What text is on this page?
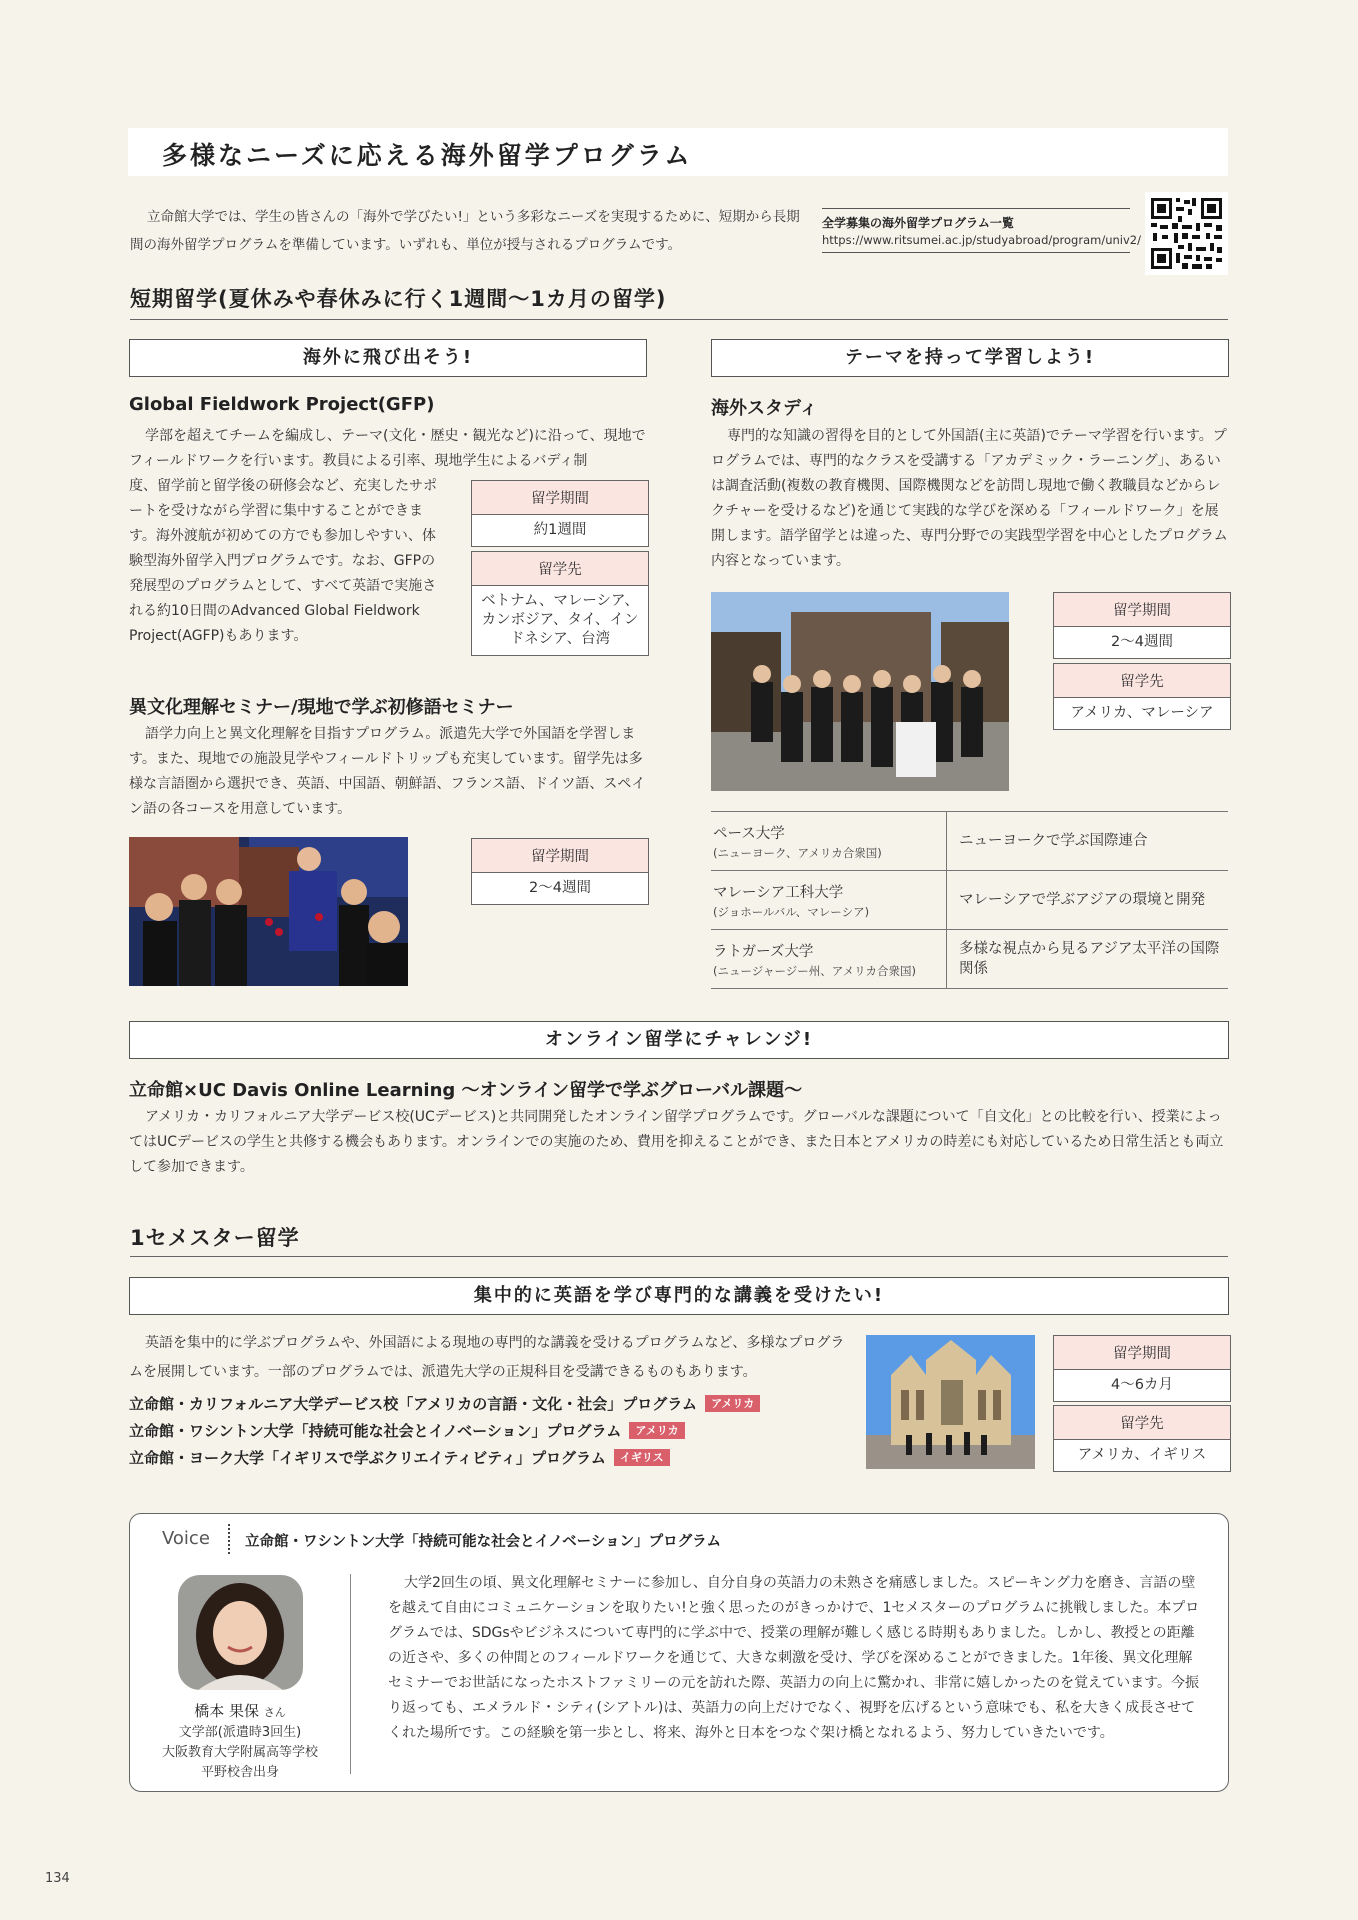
多様なニーズに応える海外留学プログラム
立命館大学では、学生の皆さんの「海外で学びたい!」という多彩なニーズを実現するために、短期から長期間の海外留学プログラムを準備しています。いずれも、単位が授与されるプログラムです。
全学募集の海外留学プログラム一覧
https://www.ritsumei.ac.jp/studyabroad/program/univ2/
短期留学(夏休みや春休みに行く1週間〜1カ月の留学)
海外に飛び出そう!	テーマを持って学習しよう!
Global Fieldwork Project(GFP)
学部を超えてチームを編成し、テーマ(文化・歴史・観光など)に沿って、現地でフィールドワークを行います。教員による引率、現地学生によるバディ制
度、留学前と留学後の研修会など、充実したサポートを受けながら学習に集中することができます。海外渡航が初めての方でも参加しやすい、体験型海外留学入門プログラムです。なお、GFPの発展型のプログラムとして、すべて英語で実施される約10日間のAdvanced Global Fieldwork Project(AGFP)もあります。
留学期間
約1週間
留学先
ベトナム、マレーシア、カンボジア、タイ、インドネシア、台湾
異文化理解セミナー/現地で学ぶ初修語セミナー
語学力向上と異文化理解を目指すプログラム。派遣先大学で外国語を学習します。また、現地での施設見学やフィールドトリップも充実しています。留学先は多様な言語圏から選択でき、英語、中国語、朝鮮語、フランス語、ドイツ語、スペイン語の各コースを用意しています。
留学期間
2〜4週間
海外スタディ
専門的な知識の習得を目的として外国語(主に英語)でテーマ学習を行います。プログラムでは、専門的なクラスを受講する「アカデミック・ラーニング」、あるいは調査活動(複数の教育機関、国際機関などを訪問し現地で働く教職員などからレクチャーを受けるなど)を通じて実践的な学びを深める「フィールドワーク」を展開します。語学留学とは違った、専門分野での実践型学習を中心としたプログラム内容となっています。
留学期間
2〜4週間
留学先
アメリカ、マレーシア
ペース大学
(ニューヨーク、アメリカ合衆国)
ニューヨークで学ぶ国際連合
マレーシア工科大学
(ジョホールバル、マレーシア)
マレーシアで学ぶアジアの環境と開発
ラトガーズ大学
(ニュージャージー州、アメリカ合衆国)
多様な視点から見るアジア太平洋の国際関係
オンライン留学にチャレンジ!
立命館×UC Davis Online Learning 〜オンライン留学で学ぶグローバル課題〜
アメリカ・カリフォルニア大学デービス校(UCデービス)と共同開発したオンライン留学プログラムです。グローバルな課題について「自文化」との比較を行い、授業によってはUCデービスの学生と共修する機会もあります。オンラインでの実施のため、費用を抑えることができ、また日本とアメリカの時差にも対応しているため日常生活とも両立して参加できます。
1セメスター留学
集中的に英語を学び専門的な講義を受けたい!
英語を集中的に学ぶプログラムや、外国語による現地の専門的な講義を受けるプログラムなど、多様なプログラムを展開しています。一部のプログラムでは、派遣先大学の正規科目を受講できるものもあります。
立命館・カリフォルニア大学デービス校「アメリカの言語・文化・社会」プログラム アメリカ
立命館・ワシントン大学「持続可能な社会とイノベーション」プログラム アメリカ
立命館・ヨーク大学「イギリスで学ぶクリエイティビティ」プログラム イギリス
留学期間
4〜6カ月
留学先
アメリカ、イギリス
Voice 立命館・ワシントン大学「持続可能な社会とイノベーション」プログラム
橋本 果保 さん
文学部(派遣時3回生)
大阪教育大学附属高等学校
平野校舎出身
大学2回生の頃、異文化理解セミナーに参加し、自分自身の英語力の未熟さを痛感しました。スピーキング力を磨き、言語の壁を越えて自由にコミュニケーションを取りたい!と強く思ったのがきっかけで、1セメスターのプログラムに挑戦しました。本プログラムでは、SDGsやビジネスについて専門的に学ぶ中で、授業の理解が難しく感じる時期もありました。しかし、教授との距離の近さや、多くの仲間とのフィールドワークを通じて、大きな刺激を受け、学びを深めることができました。1年後、異文化理解セミナーでお世話になったホストファミリーの元を訪れた際、英語力の向上に驚かれ、非常に嬉しかったのを覚えています。今振り返っても、エメラルド・シティ(シアトル)は、英語力の向上だけでなく、視野を広げるという意味でも、私を大きく成長させてくれた場所です。この経験を第一歩とし、将来、海外と日本をつなぐ架け橋となれるよう、努力していきたいです。
134
